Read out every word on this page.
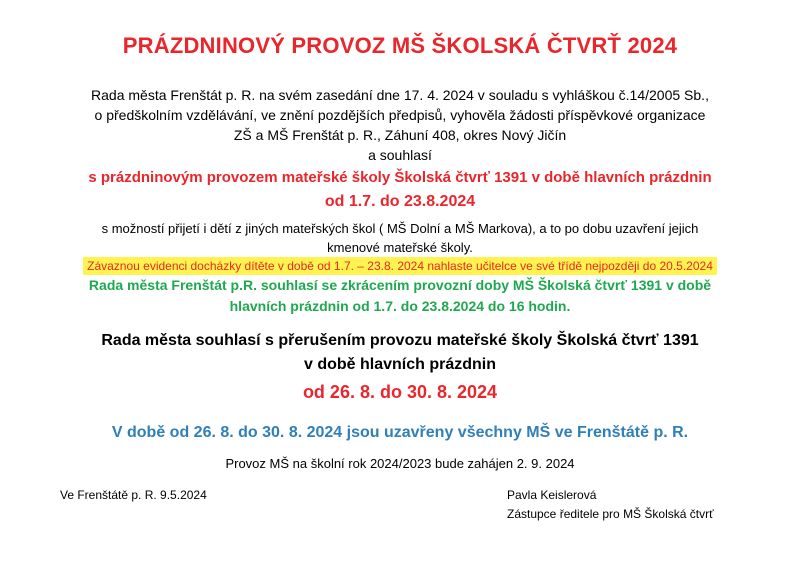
PRÁZDNINOVÝ PROVOZ MŠ ŠKOLSKÁ ČTVRŤ 2024
Rada města Frenštát p. R. na svém zasedání dne 17. 4. 2024 v souladu s vyhláškou č.14/2005 Sb.,
o předškolním vzdělávání, ve znění pozdějších předpisů, vyhověla žádosti příspěvkové organizace
ZŠ a MŠ Frenštát p. R., Záhuní 408, okres Nový Jičín
a souhlasí
s prázdninovým provozem mateřské školy Školská čtvrť 1391 v době hlavních prázdnin
od 1.7. do 23.8.2024
s možností přijetí i dětí z jiných mateřských škol ( MŠ Dolní a MŠ Markova), a to po dobu uzavření jejich
kmenové mateřské školy.
Závaznou evidenci docházky dítěte v době od 1.7. – 23.8. 2024 nahlaste učitelce ve své třídě nejpozději do 20.5.2024
Rada města Frenštát p.R. souhlasí se zkrácením provozní doby MŠ Školská čtvrť 1391 v době
hlavních prázdnin od 1.7. do 23.8.2024 do 16 hodin.
Rada města souhlasí s přerušením provozu mateřské školy Školská čtvrť 1391
v době hlavních prázdnin
od 26. 8. do 30. 8. 2024
V době od 26. 8. do 30. 8. 2024 jsou uzavřeny všechny MŠ ve Frenštátě p. R.
Provoz MŠ na školní rok 2024/2023 bude zahájen 2. 9. 2024
Ve Frenštátě p. R. 9.5.2024	Pavla Keislerová
Zástupce ředitele pro MŠ Školská čtvrť
